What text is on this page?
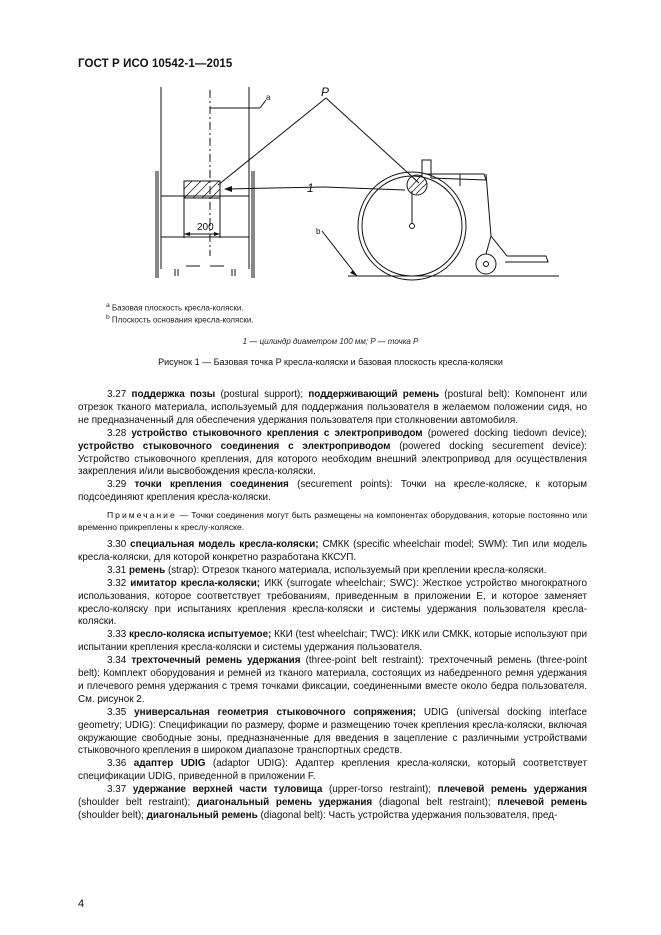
ГОСТ Р ИСО 10542-1—2015
a	P
1
b
200
$^a$ Базовая плоскость кресла-коляски.
$^b$ Плоскость основания кресла-коляски.
1 — цилиндр диаметром 100 мм; P — точка P
Рисунок 1 — Базовая точка P кресла-коляски и базовая плоскость кресла-коляски

3.27 поддержка позы (postural support); поддерживающий ремень (postural belt): Компонент или отрезок тканого материала, используемый для поддержания пользователя в желаемом положении сидя, но не предназначенный для обеспечения удержания пользователя при столкновении автомобиля.

3.28 устройство стыковочного крепления с электроприводом (powered docking tiedown device); устройство стыковочного соединения с электроприводом (powered docking securement device): Устройство стыковочного крепления, для которого необходим внешний электропривод для осуществления закрепления и/или высвобождения кресла-коляски.

3.29 точки крепления соединения (securement points): Точки на кресле-коляске, к которым подсоединяют крепления кресла-коляски.

Примечание — Точки соединения могут быть размещены на компонентах оборудования, которые постоянно или временно прикреплены к креслу-коляске.

3.30 специальная модель кресла-коляски; СМКК (specific wheelchair model; SWM): Тип или модель кресла-коляски, для которой конкретно разработана ККСУП.

3.31 ремень (strap): Отрезок тканого материала, используемый при креплении кресла-коляски.

3.32 имитатор кресла-коляски; ИКК (surrogate wheelchair; SWC): Жесткое устройство многократного использования, которое соответствует требованиям, приведенным в приложении Е, и которое заменяет кресло-коляску при испытаниях крепления кресла-коляски и системы удержания пользователя кресла-коляски.

3.33 кресло-коляска испытуемое; ККИ (test wheelchair; TWC): ИКК или СМКК, которые используют при испытании крепления кресла-коляски и системы удержания пользователя.

3.34 трехточечный ремень удержания (three-point belt restraint): трехточечный ремень (three-point belt): Комплект оборудования и ремней из тканого материала, состоящих из набедренного ремня удержания и плечевого ремня удержания с тремя точками фиксации, соединенными вместе около бедра пользователя. См. рисунок 2.

3.35 универсальная геометрия стыковочного сопряжения; UDIG (universal docking interface geometry; UDIG): Спецификации по размеру, форме и размещению точек крепления кресла-коляски, включая окружающие свободные зоны, предназначенные для введения в зацепление с различными устройствами стыковочного крепления в широком диапазоне транспортных средств.

3.36 адаптер UDIG (adaptor UDIG): Адаптер крепления кресла-коляски, который соответствует спецификации UDIG, приведенной в приложении F.

3.37 удержание верхней части туловища (upper-torso restraint); плечевой ремень удержания (shoulder belt restraint); диагональный ремень удержания (diagonal belt restraint); плечевой ремень (shoulder belt); диагональный ремень (diagonal belt): Часть устройства удержания пользователя, пред-

4
